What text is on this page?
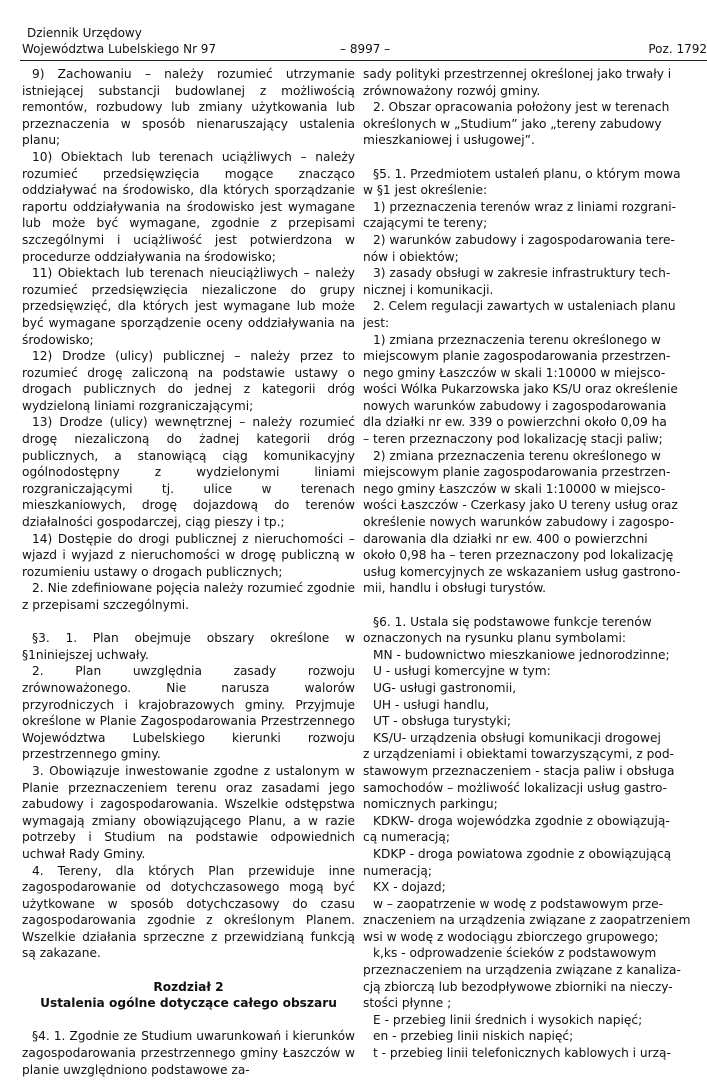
Dziennik Urzędowy
Województwa Lubelskiego Nr 97	– 8997 –	Poz. 1792

9) Zachowaniu – należy rozumieć utrzymanie istniejącej substancji budowlanej z możliwością remontów, rozbudowy lub zmiany użytkowania lub przeznaczenia w sposób nienaruszający ustalenia planu;

10) Obiektach lub terenach uciążliwych – należy rozumieć przedsięwzięcia mogące znacząco oddziaływać na środowisko, dla których sporządzanie raportu oddziaływania na środowisko jest wymagane lub może być wymagane, zgodnie z przepisami szczególnymi i uciążliwość jest potwierdzona w procedurze oddziaływania na środowisko;

11) Obiektach lub terenach nieuciążliwych – należy rozumieć przedsięwzięcia niezaliczone do grupy przedsięwzięć, dla których jest wymagane lub może być wymagane sporządzenie oceny oddziaływania na środowisko;

12) Drodze (ulicy) publicznej – należy przez to rozumieć drogę zaliczoną na podstawie ustawy o drogach publicznych do jednej z kategorii dróg wydzieloną liniami rozgraniczającymi;

13) Drodze (ulicy) wewnętrznej – należy rozumieć drogę niezaliczoną do żadnej kategorii dróg publicznych, a stanowiącą ciąg komunikacyjny ogólnodostępny z wydzielonymi liniami rozgraniczającymi tj. ulice w terenach mieszkaniowych, drogę dojazdową do terenów działalności gospodarczej, ciąg pieszy i tp.;

14) Dostępie do drogi publicznej z nieruchomości – wjazd i wyjazd z nieruchomości w drogę publiczną w rozumieniu ustawy o drogach publicznych;

2. Nie zdefiniowane pojęcia należy rozumieć zgodnie z przepisami szczególnymi.

§3. 1. Plan obejmuje obszary określone w §1niniejszej uchwały.

2. Plan uwzględnia zasady rozwoju zrównoważonego. Nie narusza walorów przyrodniczych i krajobrazowych gminy. Przyjmuje określone w Planie Zagospodarowania Przestrzennego Województwa Lubelskiego kierunki rozwoju przestrzennego gminy.

3. Obowiązuje inwestowanie zgodne z ustalonym w Planie przeznaczeniem terenu oraz zasadami jego zabudowy i zagospodarowania. Wszelkie odstępstwa wymagają zmiany obowiązującego Planu, a w razie potrzeby i Studium na podstawie odpowiednich uchwał Rady Gminy.

4. Tereny, dla których Plan przewiduje inne zagospodarowanie od dotychczasowego mogą być użytkowane w sposób dotychczasowy do czasu zagospodarowania zgodnie z określonym Planem. Wszelkie działania sprzeczne z przewidzianą funkcją są zakazane.

Rozdział 2

Ustalenia ogólne dotyczące całego obszaru

§4. 1. Zgodnie ze Studium uwarunkowań i kierunków zagospodarowania przestrzennego gminy Łaszczów w planie uwzględniono podstawowe za-

sady polityki przestrzennej określonej jako trwały i

zrównoważony rozwój gminy.

2. Obszar opracowania położony jest w terenach

określonych w „Studium” jako „tereny zabudowy

mieszkaniowej i usługowej”.

§5. 1. Przedmiotem ustaleń planu, o którym mowa

w §1 jest określenie:

1) przeznaczenia terenów wraz z liniami rozgrani-

czającymi te tereny;

2) warunków zabudowy i zagospodarowania tere-

nów i obiektów;

3) zasady obsługi w zakresie infrastruktury tech-

nicznej i komunikacji.

2. Celem regulacji zawartych w ustaleniach planu

jest:

1) zmiana przeznaczenia terenu określonego w

miejscowym planie zagospodarowania przestrzen-

nego gminy Łaszczów w skali 1:10000 w miejsco-

wości Wólka Pukarzowska jako KS/U oraz określenie

nowych warunków zabudowy i zagospodarowania

dla działki nr ew. 339 o powierzchni około 0,09 ha

– teren przeznaczony pod lokalizację stacji paliw;

2) zmiana przeznaczenia terenu określonego w

miejscowym planie zagospodarowania przestrzen-

nego gminy Łaszczów w skali 1:10000 w miejsco-

wości Łaszczów - Czerkasy jako U tereny usług oraz

określenie nowych warunków zabudowy i zagospo-

darowania dla działki nr ew. 400 o powierzchni

około 0,98 ha – teren przeznaczony pod lokalizację

usług komercyjnych ze wskazaniem usług gastrono-

mii, handlu i obsługi turystów.

§6. 1. Ustala się podstawowe funkcje terenów

oznaczonych na rysunku planu symbolami:

MN - budownictwo mieszkaniowe jednorodzinne;

U - usługi komercyjne w tym:

UG- usługi gastronomii,

UH - usługi handlu,

UT - obsługa turystyki;

KS/U- urządzenia obsługi komunikacji drogowej

z urządzeniami i obiektami towarzyszącymi, z pod-

stawowym przeznaczeniem - stacja paliw i obsługa

samochodów – możliwość lokalizacji usług gastro-

nomicznych parkingu;

KDKW- droga wojewódzka zgodnie z obowiązują-

cą numeracją;

KDKP - droga powiatowa zgodnie z obowiązującą

numeracją;

KX - dojazd;

w – zaopatrzenie w wodę z podstawowym prze-

znaczeniem na urządzenia związane z zaopatrzeniem

wsi w wodę z wodociągu zbiorczego grupowego;

k,ks - odprowadzenie ścieków z podstawowym

przeznaczeniem na urządzenia związane z kanaliza-

cją zbiorczą lub bezodpływowe zbiorniki na nieczy-

stości płynne ;

E - przebieg linii średnich i wysokich napięć;

en - przebieg linii niskich napięć;

t - przebieg linii telefonicznych kablowych i urzą-
